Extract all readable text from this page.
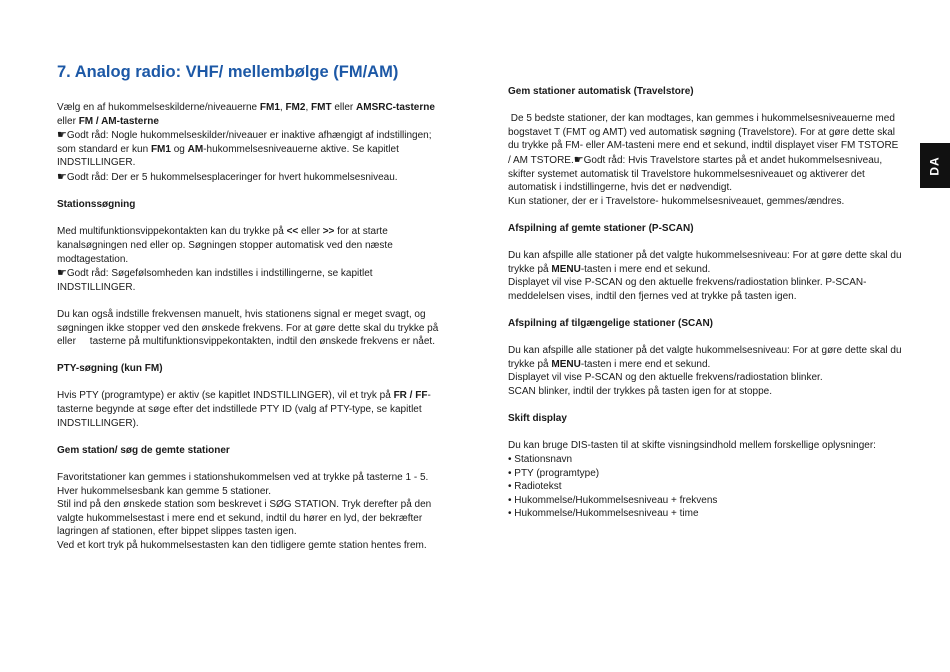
7. Analog radio: VHF/ mellembølge (FM/AM)
DA

Vælg en af hukommelseskilderne/niveauerne FM1, FM2, FMT eller AMSRC-tasterne
eller FM / AM-tasterne

☛Godt råd: Nogle hukommelseskilder/niveauer er inaktive afhængigt af indstillingen; som standard er kun FM1 og AM-hukommelsesniveauerne aktive. Se kapitlet INDSTILLINGER.

☛Godt råd: Der er 5 hukommelsesplaceringer for hvert hukommelsesniveau.

Stationssøgning

Med multifunktionsvippekontakten kan du trykke på << eller >> for at starte kanalsøgningen ned eller op. Søgningen stopper automatisk ved den næste modtagestation.

☛Godt råd: Søgefølsomheden kan indstilles i indstillingerne, se kapitlet INDSTILLINGER.

Du kan også indstille frekvensen manuelt, hvis stationens signal er meget svagt, og søgningen ikke stopper ved den ønskede frekvens. For at gøre dette skal du trykke på     eller     tasterne på multifunktionsvippekontakten, indtil den ønskede frekvens er nået.

PTY-søgning (kun FM)

Hvis PTY (programtype) er aktiv (se kapitlet INDSTILLINGER), vil et tryk på FR / FF-tasterne begynde at søge efter det indstillede PTY ID (valg af PTY-type, se kapitlet INDSTILLINGER).

Gem station/ søg de gemte stationer

Favoritstationer kan gemmes i stationshukommelsen ved at trykke på tasterne 1 - 5. Hver hukommelsesbank kan gemme 5 stationer.

Stil ind på den ønskede station som beskrevet i SØG STATION. Tryk derefter på den valgte hukommelsestast i mere end et sekund, indtil du hører en lyd, der bekræfter lagringen af stationen, efter bippet slippes tasten igen.

Ved et kort tryk på hukommelsestasten kan den tidligere gemte station hentes frem.

Gem stationer automatisk (Travelstore)

De 5 bedste stationer, der kan modtages, kan gemmes i hukommelsesniveauerne med bogstavet T (FMT og AMT) ved automatisk søgning (Travelstore). For at gøre dette skal du trykke på FM- eller AM-tasteni mere end et sekund, indtil displayet viser FM TSTORE / AM TSTORE.☛Godt råd: Hvis Travelstore startes på et andet hukommelsesniveau, skifter systemet automatisk til Travelstore hukommelsesniveauet og aktiverer det automatisk i indstillingerne, hvis det er nødvendigt.

Kun stationer, der er i Travelstore- hukommelsesniveauet, gemmes/ændres.

Afspilning af gemte stationer (P-SCAN)

Du kan afspille alle stationer på det valgte hukommelsesniveau: For at gøre dette skal du trykke på MENU-tasten i mere end et sekund.

Displayet vil vise P-SCAN og den aktuelle frekvens/radiostation blinker. P-SCAN-meddelelsen vises, indtil den fjernes ved at trykke på tasten igen.

Afspilning af tilgængelige stationer (SCAN)

Du kan afspille alle stationer på det valgte hukommelsesniveau: For at gøre dette skal du trykke på MENU-tasten i mere end et sekund.

Displayet vil vise P-SCAN og den aktuelle frekvens/radiostation blinker.

SCAN blinker, indtil der trykkes på tasten igen for at stoppe.

Skift display

Du kan bruge DIS-tasten til at skifte visningsindhold mellem forskellige oplysninger:

• Stationsnavn

• PTY (programtype)

• Radiotekst

• Hukommelse/Hukommelsesniveau + frekvens

• Hukommelse/Hukommelsesniveau + time
